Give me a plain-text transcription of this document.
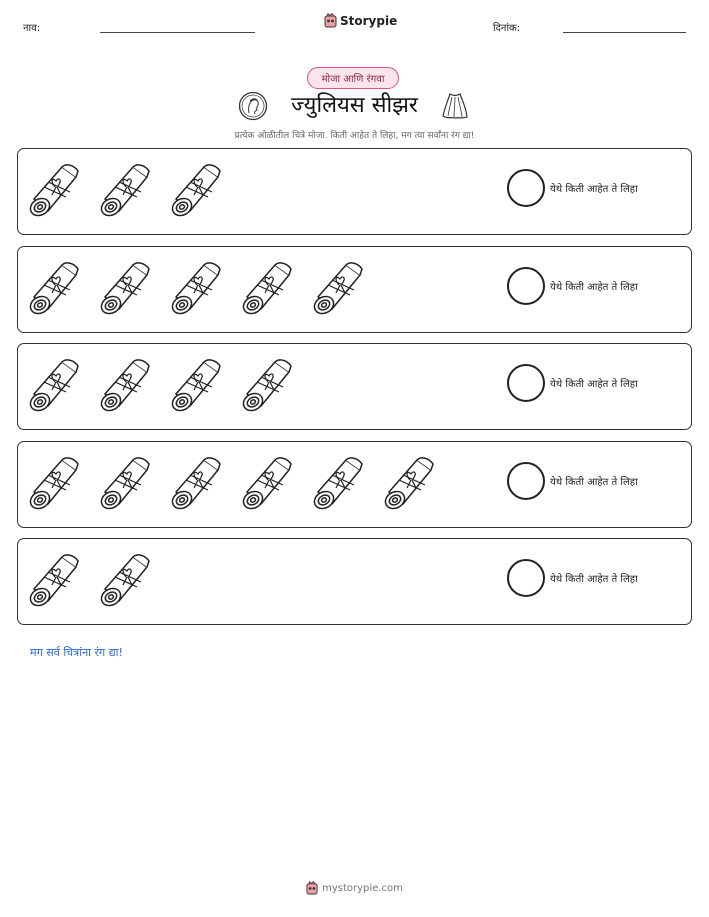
नाव:
Storypie
दिनांक:
मोजा आणि रंगवा
ज्युलियस सीझर
प्रत्येक ओळीतील चित्रे मोजा. किती आहेत ते लिहा, मग त्या सर्वांना रंग द्या!
येथे किती आहेत ते लिहा
येथे किती आहेत ते लिहा
येथे किती आहेत ते लिहा
येथे किती आहेत ते लिहा
येथे किती आहेत ते लिहा
मग सर्व चित्रांना रंग द्या!
mystorypie.com
